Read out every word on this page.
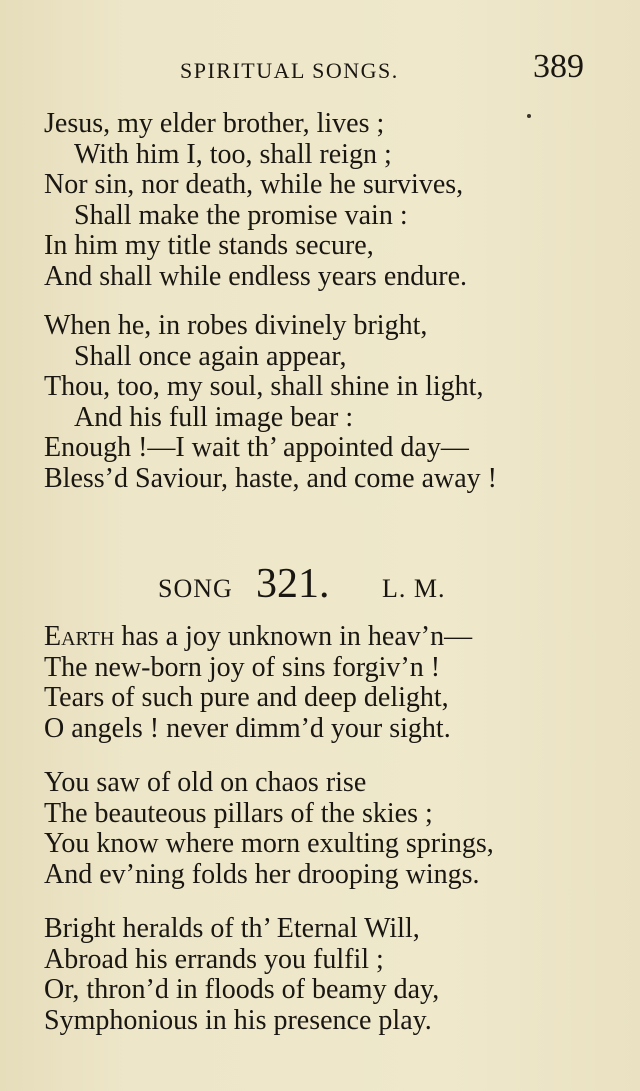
SPIRITUAL SONGS.	389
Jesus, my elder brother, lives ;
With him I, too, shall reign ;
Nor sin, nor death, while he survives,
Shall make the promise vain :
In him my title stands secure,
And shall while endless years endure.
When he, in robes divinely bright,
Shall once again appear,
Thou, too, my soul, shall shine in light,
And his full image bear :
Enough !—I wait th’ appointed day—
Bless’d Saviour, haste, and come away !
SONG 321. L. M.
Earth has a joy unknown in heav’n—
The new-born joy of sins forgiv’n !
Tears of such pure and deep delight,
O angels ! never dimm’d your sight.
You saw of old on chaos rise
The beauteous pillars of the skies ;
You know where morn exulting springs,
And ev’ning folds her drooping wings.
Bright heralds of th’ Eternal Will,
Abroad his errands you fulfil ;
Or, thron’d in floods of beamy day,
Symphonious in his presence play.
